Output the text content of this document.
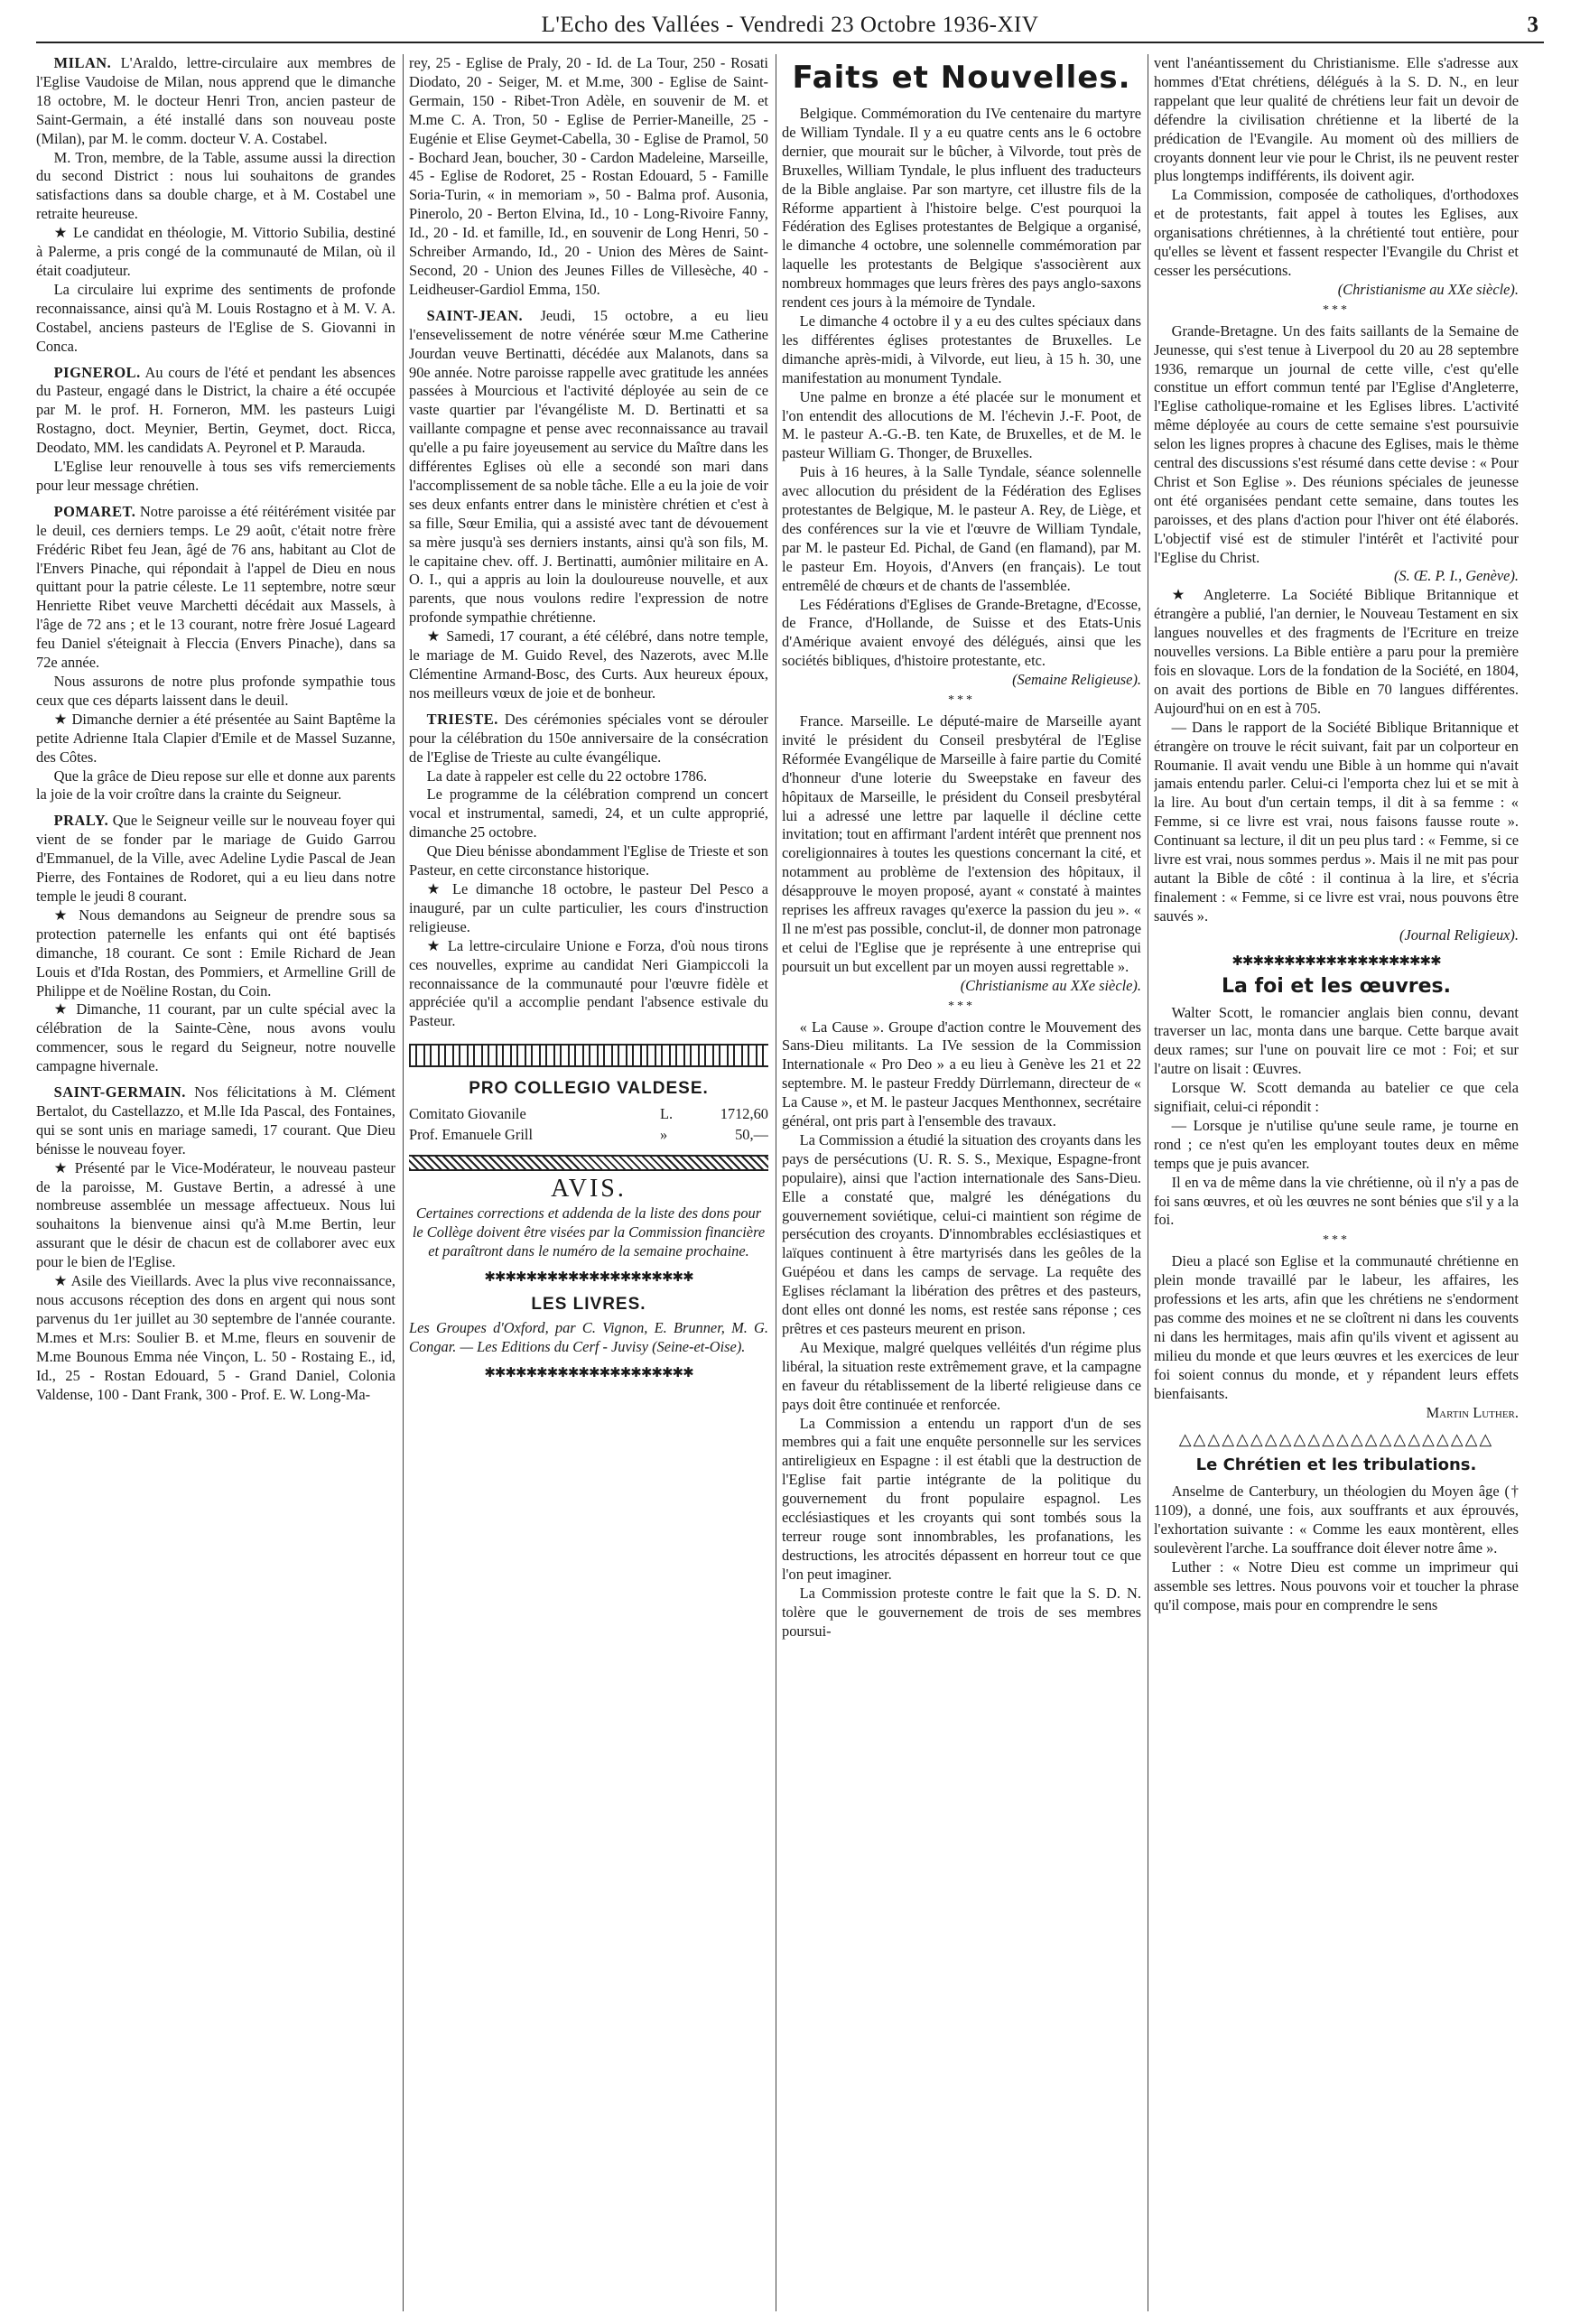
L'Echo des Vallées - Vendredi 23 Octobre 1936-XIV	3

MILAN. L'Araldo, lettre-circulaire aux membres de l'Eglise Vaudoise de Milan, nous apprend que le dimanche 18 octobre, M. le docteur Henri Tron, ancien pasteur de Saint-Germain, a été installé dans son nouveau poste (Milan), par M. le comm. docteur V. A. Costabel.

M. Tron, membre, de la Table, assume aussi la direction du second District : nous lui souhaitons de grandes satisfactions dans sa double charge, et à M. Costabel une retraite heureuse.

★ Le candidat en théologie, M. Vittorio Subilia, destiné à Palerme, a pris congé de la communauté de Milan, où il était coadjuteur.

La circulaire lui exprime des sentiments de profonde reconnaissance, ainsi qu'à M. Louis Rostagno et à M. V. A. Costabel, anciens pasteurs de l'Eglise de S. Giovanni in Conca.

PIGNEROL. Au cours de l'été et pendant les absences du Pasteur, engagé dans le District, la chaire a été occupée par M. le prof. H. Forneron, MM. les pasteurs Luigi Rostagno, doct. Meynier, Bertin, Geymet, doct. Ricca, Deodato, MM. les candidats A. Peyronel et P. Marauda.

L'Eglise leur renouvelle à tous ses vifs remerciements pour leur message chrétien.

POMARET. Notre paroisse a été réitérément visitée par le deuil, ces derniers temps. Le 29 août, c'était notre frère Frédéric Ribet feu Jean, âgé de 76 ans, habitant au Clot de l'Envers Pinache, qui répondait à l'appel de Dieu en nous quittant pour la patrie céleste. Le 11 septembre, notre sœur Henriette Ribet veuve Marchetti décédait aux Massels, à l'âge de 72 ans ; et le 13 courant, notre frère Josué Lageard feu Daniel s'éteignait à Fleccia (Envers Pinache), dans sa 72e année.

Nous assurons de notre plus profonde sympathie tous ceux que ces départs laissent dans le deuil.

★ Dimanche dernier a été présentée au Saint Baptême la petite Adrienne Itala Clapier d'Emile et de Massel Suzanne, des Côtes.

Que la grâce de Dieu repose sur elle et donne aux parents la joie de la voir croître dans la crainte du Seigneur.

PRALY. Que le Seigneur veille sur le nouveau foyer qui vient de se fonder par le mariage de Guido Garrou d'Emmanuel, de la Ville, avec Adeline Lydie Pascal de Jean Pierre, des Fontaines de Rodoret, qui a eu lieu dans notre temple le jeudi 8 courant.

★ Nous demandons au Seigneur de prendre sous sa protection paternelle les enfants qui ont été baptisés dimanche, 18 courant. Ce sont : Emile Richard de Jean Louis et d'Ida Rostan, des Pommiers, et Armelline Grill de Philippe et de Noëline Rostan, du Coin.

★ Dimanche, 11 courant, par un culte spécial avec la célébration de la Sainte-Cène, nous avons voulu commencer, sous le regard du Seigneur, notre nouvelle campagne hivernale.

SAINT-GERMAIN. Nos félicitations à M. Clément Bertalot, du Castellazzo, et M.lle Ida Pascal, des Fontaines, qui se sont unis en mariage samedi, 17 courant. Que Dieu bénisse le nouveau foyer.

★ Présenté par le Vice-Modérateur, le nouveau pasteur de la paroisse, M. Gustave Bertin, a adressé à une nombreuse assemblée un message affectueux. Nous lui souhaitons la bienvenue ainsi qu'à M.me Bertin, leur assurant que le désir de chacun est de collaborer avec eux pour le bien de l'Eglise.

★ Asile des Vieillards. Avec la plus vive reconnaissance, nous accusons réception des dons en argent qui nous sont parvenus du 1er juillet au 30 septembre de l'année courante. M.mes et M.rs: Soulier B. et M.me, fleurs en souvenir de M.me Bounous Emma née Vinçon, L. 50 - Rostaing E., id, Id., 25 - Rostan Edouard, 5 - Grand Daniel, Colonia Valdense, 100 - Dant Frank, 300 - Prof. E. W. Long-Ma-

rey, 25 - Eglise de Praly, 20 - Id. de La Tour, 250 - Rosati Diodato, 20 - Seiger, M. et M.me, 300 - Eglise de Saint-Germain, 150 - Ribet-Tron Adèle, en souvenir de M. et M.me C. A. Tron, 50 - Eglise de Perrier-Maneille, 25 - Eugénie et Elise Geymet-Cabella, 30 - Eglise de Pramol, 50 - Bochard Jean, boucher, 30 - Cardon Madeleine, Marseille, 45 - Eglise de Rodoret, 25 - Rostan Edouard, 5 - Famille Soria-Turin, « in memoriam », 50 - Balma prof. Ausonia, Pinerolo, 20 - Berton Elvina, Id., 10 - Long-Rivoire Fanny, Id., 20 - Id. et famille, Id., en souvenir de Long Henri, 50 - Schreiber Armando, Id., 20 - Union des Mères de Saint-Second, 20 - Union des Jeunes Filles de Villesèche, 40 - Leidheuser-Gardiol Emma, 150.

SAINT-JEAN. Jeudi, 15 octobre, a eu lieu l'ensevelissement de notre vénérée sœur M.me Catherine Jourdan veuve Bertinatti, décédée aux Malanots, dans sa 90e année. Notre paroisse rappelle avec gratitude les années passées à Mourcious et l'activité déployée au sein de ce vaste quartier par l'évangéliste M. D. Bertinatti et sa vaillante compagne et pense avec reconnaissance au travail qu'elle a pu faire joyeusement au service du Maître dans les différentes Eglises où elle a secondé son mari dans l'accomplissement de sa noble tâche. Elle a eu la joie de voir ses deux enfants entrer dans le ministère chrétien et c'est à sa fille, Sœur Emilia, qui a assisté avec tant de dévouement sa mère jusqu'à ses derniers instants, ainsi qu'à son fils, M. le capitaine chev. off. J. Bertinatti, aumônier militaire en A. O. I., qui a appris au loin la douloureuse nouvelle, et aux parents, que nous voulons redire l'expression de notre profonde sympathie chrétienne.

★ Samedi, 17 courant, a été célébré, dans notre temple, le mariage de M. Guido Revel, des Nazerots, avec M.lle Clémentine Armand-Bosc, des Curts. Aux heureux époux, nos meilleurs vœux de joie et de bonheur.

TRIESTE. Des cérémonies spéciales vont se dérouler pour la célébration du 150e anniversaire de la consécration de l'Eglise de Trieste au culte évangélique.

La date à rappeler est celle du 22 octobre 1786.

Le programme de la célébration comprend un concert vocal et instrumental, samedi, 24, et un culte approprié, dimanche 25 octobre.

Que Dieu bénisse abondamment l'Eglise de Trieste et son Pasteur, en cette circonstance historique.

★ Le dimanche 18 octobre, le pasteur Del Pesco a inauguré, par un culte particulier, les cours d'instruction religieuse.

★ La lettre-circulaire Unione e Forza, d'où nous tirons ces nouvelles, exprime au candidat Neri Giampiccoli la reconnaissance de la communauté pour l'œuvre fidèle et appréciée qu'il a accomplie pendant l'absence estivale du Pasteur.

PRO COLLEGIO VALDESE.
Comitato Giovanile	L.	1712,60
Prof. Emanuele Grill	»	50,—
AVIS.

Certaines corrections et addenda de la liste des dons pour le Collège doivent être visées par la Commission financière et paraîtront dans le numéro de la semaine prochaine.

✱✱✱✱✱✱✱✱✱✱✱✱✱✱✱✱✱✱✱✱
LES LIVRES.

Les Groupes d'Oxford, par C. Vignon, E. Brunner, M. G. Congar. — Les Editions du Cerf - Juvisy (Seine-et-Oise).

✱✱✱✱✱✱✱✱✱✱✱✱✱✱✱✱✱✱✱✱
Faits et Nouvelles.

Belgique. Commémoration du IVe centenaire du martyre de William Tyndale. Il y a eu quatre cents ans le 6 octobre dernier, que mourait sur le bûcher, à Vilvorde, tout près de Bruxelles, William Tyndale, le plus influent des traducteurs de la Bible anglaise. Par son martyre, cet illustre fils de la Réforme appartient à l'histoire belge. C'est pourquoi la Fédération des Eglises protestantes de Belgique a organisé, le dimanche 4 octobre, une solennelle commémoration par laquelle les protestants de Belgique s'associèrent aux nombreux hommages que leurs frères des pays anglo-saxons rendent ces jours à la mémoire de Tyndale.

Le dimanche 4 octobre il y a eu des cultes spéciaux dans les différentes églises protestantes de Bruxelles. Le dimanche après-midi, à Vilvorde, eut lieu, à 15 h. 30, une manifestation au monument Tyndale.

Une palme en bronze a été placée sur le monument et l'on entendit des allocutions de M. l'échevin J.-F. Poot, de M. le pasteur A.-G.-B. ten Kate, de Bruxelles, et de M. le pasteur William G. Thonger, de Bruxelles.

Puis à 16 heures, à la Salle Tyndale, séance solennelle avec allocution du président de la Fédération des Eglises protestantes de Belgique, M. le pasteur A. Rey, de Liège, et des conférences sur la vie et l'œuvre de William Tyndale, par M. le pasteur Ed. Pichal, de Gand (en flamand), par M. le pasteur Em. Hoyois, d'Anvers (en français). Le tout entremêlé de chœurs et de chants de l'assemblée.

Les Fédérations d'Eglises de Grande-Bretagne, d'Ecosse, de France, d'Hollande, de Suisse et des Etats-Unis d'Amérique avaient envoyé des délégués, ainsi que les sociétés bibliques, d'histoire protestante, etc.

(Semaine Religieuse).

***

France. Marseille. Le député-maire de Marseille ayant invité le président du Conseil presbytéral de l'Eglise Réformée Evangélique de Marseille à faire partie du Comité d'honneur d'une loterie du Sweepstake en faveur des hôpitaux de Marseille, le président du Conseil presbytéral lui a adressé une lettre par laquelle il décline cette invitation; tout en affirmant l'ardent intérêt que prennent nos coreligionnaires à toutes les questions concernant la cité, et notamment au problème de l'extension des hôpitaux, il désapprouve le moyen proposé, ayant « constaté à maintes reprises les affreux ravages qu'exerce la passion du jeu ». « Il ne m'est pas possible, conclut-il, de donner mon patronage et celui de l'Eglise que je représente à une entreprise qui poursuit un but excellent par un moyen aussi regrettable ».

(Christianisme au XXe siècle).

***

« La Cause ». Groupe d'action contre le Mouvement des Sans-Dieu militants. La IVe session de la Commission Internationale « Pro Deo » a eu lieu à Genève les 21 et 22 septembre. M. le pasteur Freddy Dürrlemann, directeur de « La Cause », et M. le pasteur Jacques Menthonnex, secrétaire général, ont pris part à l'ensemble des travaux.

La Commission a étudié la situation des croyants dans les pays de persécutions (U. R. S. S., Mexique, Espagne-front populaire), ainsi que l'action internationale des Sans-Dieu. Elle a constaté que, malgré les dénégations du gouvernement soviétique, celui-ci maintient son régime de persécution des croyants. D'innombrables ecclésiastiques et laïques continuent à être martyrisés dans les geôles de la Guépéou et dans les camps de servage. La requête des Eglises réclamant la libération des prêtres et des pasteurs, dont elles ont donné les noms, est restée sans réponse ; ces prêtres et ces pasteurs meurent en prison.

Au Mexique, malgré quelques velléités d'un régime plus libéral, la situation reste extrêmement grave, et la campagne en faveur du rétablissement de la liberté religieuse dans ce pays doit être continuée et renforcée.

La Commission a entendu un rapport d'un de ses membres qui a fait une enquête personnelle sur les services antireligieux en Espagne : il est établi que la destruction de l'Eglise fait partie intégrante de la politique du gouvernement du front populaire espagnol. Les ecclésiastiques et les croyants qui sont tombés sous la terreur rouge sont innombrables, les profanations, les destructions, les atrocités dépassent en horreur tout ce que l'on peut imaginer.

La Commission proteste contre le fait que la S. D. N. tolère que le gouvernement de trois de ses membres poursui-

vent l'anéantissement du Christianisme. Elle s'adresse aux hommes d'Etat chrétiens, délégués à la S. D. N., en leur rappelant que leur qualité de chrétiens leur fait un devoir de défendre la civilisation chrétienne et la liberté de la prédication de l'Evangile. Au moment où des milliers de croyants donnent leur vie pour le Christ, ils ne peuvent rester plus longtemps indifférents, ils doivent agir.

La Commission, composée de catholiques, d'orthodoxes et de protestants, fait appel à toutes les Eglises, aux organisations chrétiennes, à la chrétienté tout entière, pour qu'elles se lèvent et fassent respecter l'Evangile du Christ et cesser les persécutions.

(Christianisme au XXe siècle).

***

Grande-Bretagne. Un des faits saillants de la Semaine de Jeunesse, qui s'est tenue à Liverpool du 20 au 28 septembre 1936, remarque un journal de cette ville, c'est qu'elle constitue un effort commun tenté par l'Eglise d'Angleterre, l'Eglise catholique-romaine et les Eglises libres. L'activité même déployée au cours de cette semaine s'est poursuivie selon les lignes propres à chacune des Eglises, mais le thème central des discussions s'est résumé dans cette devise : « Pour Christ et Son Eglise ». Des réunions spéciales de jeunesse ont été organisées pendant cette semaine, dans toutes les paroisses, et des plans d'action pour l'hiver ont été élaborés. L'objectif visé est de stimuler l'intérêt et l'activité pour l'Eglise du Christ.

(S. Œ. P. I., Genève).

★ Angleterre. La Société Biblique Britannique et étrangère a publié, l'an dernier, le Nouveau Testament en six langues nouvelles et des fragments de l'Ecriture en treize nouvelles versions. La Bible entière a paru pour la première fois en slovaque. Lors de la fondation de la Société, en 1804, on avait des portions de Bible en 70 langues différentes. Aujourd'hui on en est à 705.

— Dans le rapport de la Société Biblique Britannique et étrangère on trouve le récit suivant, fait par un colporteur en Roumanie. Il avait vendu une Bible à un homme qui n'avait jamais entendu parler. Celui-ci l'emporta chez lui et se mit à la lire. Au bout d'un certain temps, il dit à sa femme : « Femme, si ce livre est vrai, nous faisons fausse route ». Continuant sa lecture, il dit un peu plus tard : « Femme, si ce livre est vrai, nous sommes perdus ». Mais il ne mit pas pour autant la Bible de côté : il continua à la lire, et s'écria finalement : « Femme, si ce livre est vrai, nous pouvons être sauvés ».

(Journal Religieux).

✱✱✱✱✱✱✱✱✱✱✱✱✱✱✱✱✱✱✱✱
La foi et les œuvres.

Walter Scott, le romancier anglais bien connu, devant traverser un lac, monta dans une barque. Cette barque avait deux rames; sur l'une on pouvait lire ce mot : Foi; et sur l'autre on lisait : Œuvres.

Lorsque W. Scott demanda au batelier ce que cela signifiait, celui-ci répondit :

— Lorsque je n'utilise qu'une seule rame, je tourne en rond ; ce n'est qu'en les employant toutes deux en même temps que je puis avancer.

Il en va de même dans la vie chrétienne, où il n'y a pas de foi sans œuvres, et où les œuvres ne sont bénies que s'il y a la foi.

***

Dieu a placé son Eglise et la communauté chrétienne en plein monde travaillé par le labeur, les affaires, les professions et les arts, afin que les chrétiens ne s'endorment pas comme des moines et ne se cloîtrent ni dans les couvents ni dans les hermitages, mais afin qu'ils vivent et agissent au milieu du monde et que leurs œuvres et les exercices de leur foi soient connus du monde, et y répandent leurs effets bienfaisants.

Martin Luther.

△△△△△△△△△△△△△△△△△△△△△△
Le Chrétien et les tribulations.

Anselme de Canterbury, un théologien du Moyen âge († 1109), a donné, une fois, aux souffrants et aux éprouvés, l'exhortation suivante : « Comme les eaux montèrent, elles soulevèrent l'arche. La souffrance doit élever notre âme ».

Luther : « Notre Dieu est comme un imprimeur qui assemble ses lettres. Nous pouvons voir et toucher la phrase qu'il compose, mais pour en comprendre le sens
